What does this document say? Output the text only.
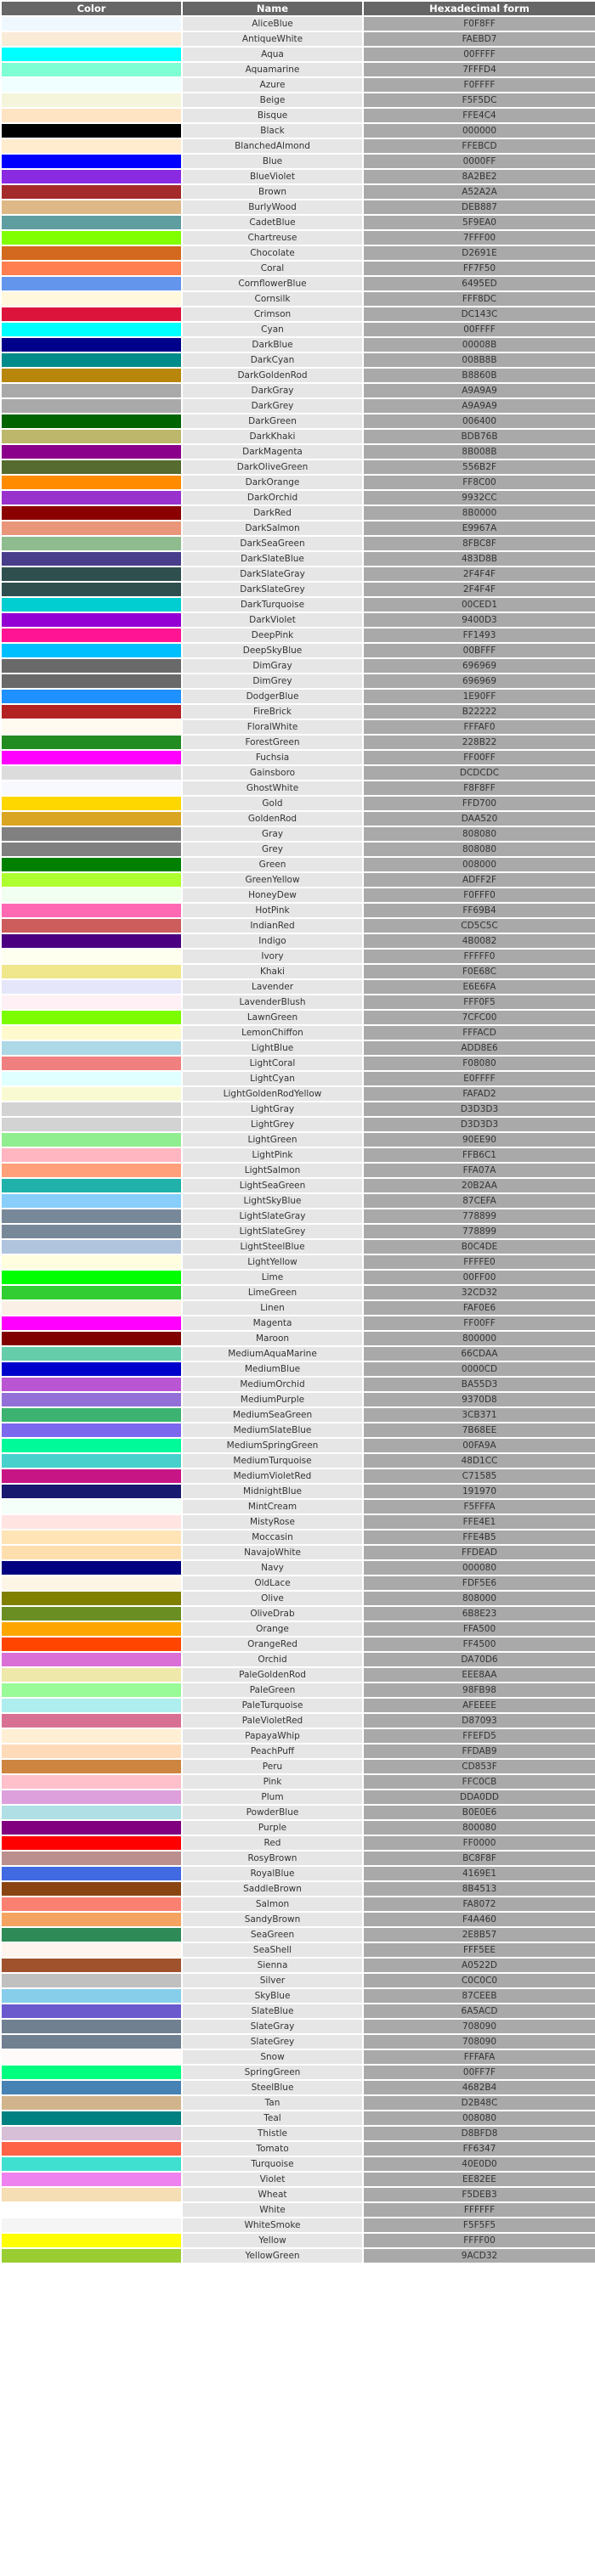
Color	Name	Hexadecimal form
	AliceBlue	F0F8FF
	AntiqueWhite	FAEBD7
	Aqua	00FFFF
	Aquamarine	7FFFD4
	Azure	F0FFFF
	Beige	F5F5DC
	Bisque	FFE4C4
	Black	000000
	BlanchedAlmond	FFEBCD
	Blue	0000FF
	BlueViolet	8A2BE2
	Brown	A52A2A
	BurlyWood	DEB887
	CadetBlue	5F9EA0
	Chartreuse	7FFF00
	Chocolate	D2691E
	Coral	FF7F50
	CornflowerBlue	6495ED
	Cornsilk	FFF8DC
	Crimson	DC143C
	Cyan	00FFFF
	DarkBlue	00008B
	DarkCyan	008B8B
	DarkGoldenRod	B8860B
	DarkGray	A9A9A9
	DarkGrey	A9A9A9
	DarkGreen	006400
	DarkKhaki	BDB76B
	DarkMagenta	8B008B
	DarkOliveGreen	556B2F
	DarkOrange	FF8C00
	DarkOrchid	9932CC
	DarkRed	8B0000
	DarkSalmon	E9967A
	DarkSeaGreen	8FBC8F
	DarkSlateBlue	483D8B
	DarkSlateGray	2F4F4F
	DarkSlateGrey	2F4F4F
	DarkTurquoise	00CED1
	DarkViolet	9400D3
	DeepPink	FF1493
	DeepSkyBlue	00BFFF
	DimGray	696969
	DimGrey	696969
	DodgerBlue	1E90FF
	FireBrick	B22222
	FloralWhite	FFFAF0
	ForestGreen	228B22
	Fuchsia	FF00FF
	Gainsboro	DCDCDC
	GhostWhite	F8F8FF
	Gold	FFD700
	GoldenRod	DAA520
	Gray	808080
	Grey	808080
	Green	008000
	GreenYellow	ADFF2F
	HoneyDew	F0FFF0
	HotPink	FF69B4
	IndianRed	CD5C5C
	Indigo	4B0082
	Ivory	FFFFF0
	Khaki	F0E68C
	Lavender	E6E6FA
	LavenderBlush	FFF0F5
	LawnGreen	7CFC00
	LemonChiffon	FFFACD
	LightBlue	ADD8E6
	LightCoral	F08080
	LightCyan	E0FFFF
	LightGoldenRodYellow	FAFAD2
	LightGray	D3D3D3
	LightGrey	D3D3D3
	LightGreen	90EE90
	LightPink	FFB6C1
	LightSalmon	FFA07A
	LightSeaGreen	20B2AA
	LightSkyBlue	87CEFA
	LightSlateGray	778899
	LightSlateGrey	778899
	LightSteelBlue	B0C4DE
	LightYellow	FFFFE0
	Lime	00FF00
	LimeGreen	32CD32
	Linen	FAF0E6
	Magenta	FF00FF
	Maroon	800000
	MediumAquaMarine	66CDAA
	MediumBlue	0000CD
	MediumOrchid	BA55D3
	MediumPurple	9370D8
	MediumSeaGreen	3CB371
	MediumSlateBlue	7B68EE
	MediumSpringGreen	00FA9A
	MediumTurquoise	48D1CC
	MediumVioletRed	C71585
	MidnightBlue	191970
	MintCream	F5FFFA
	MistyRose	FFE4E1
	Moccasin	FFE4B5
	NavajoWhite	FFDEAD
	Navy	000080
	OldLace	FDF5E6
	Olive	808000
	OliveDrab	6B8E23
	Orange	FFA500
	OrangeRed	FF4500
	Orchid	DA70D6
	PaleGoldenRod	EEE8AA
	PaleGreen	98FB98
	PaleTurquoise	AFEEEE
	PaleVioletRed	D87093
	PapayaWhip	FFEFD5
	PeachPuff	FFDAB9
	Peru	CD853F
	Pink	FFC0CB
	Plum	DDA0DD
	PowderBlue	B0E0E6
	Purple	800080
	Red	FF0000
	RosyBrown	BC8F8F
	RoyalBlue	4169E1
	SaddleBrown	8B4513
	Salmon	FA8072
	SandyBrown	F4A460
	SeaGreen	2E8B57
	SeaShell	FFF5EE
	Sienna	A0522D
	Silver	C0C0C0
	SkyBlue	87CEEB
	SlateBlue	6A5ACD
	SlateGray	708090
	SlateGrey	708090
	Snow	FFFAFA
	SpringGreen	00FF7F
	SteelBlue	4682B4
	Tan	D2B48C
	Teal	008080
	Thistle	D8BFD8
	Tomato	FF6347
	Turquoise	40E0D0
	Violet	EE82EE
	Wheat	F5DEB3
	White	FFFFFF
	WhiteSmoke	F5F5F5
	Yellow	FFFF00
	YellowGreen	9ACD32
